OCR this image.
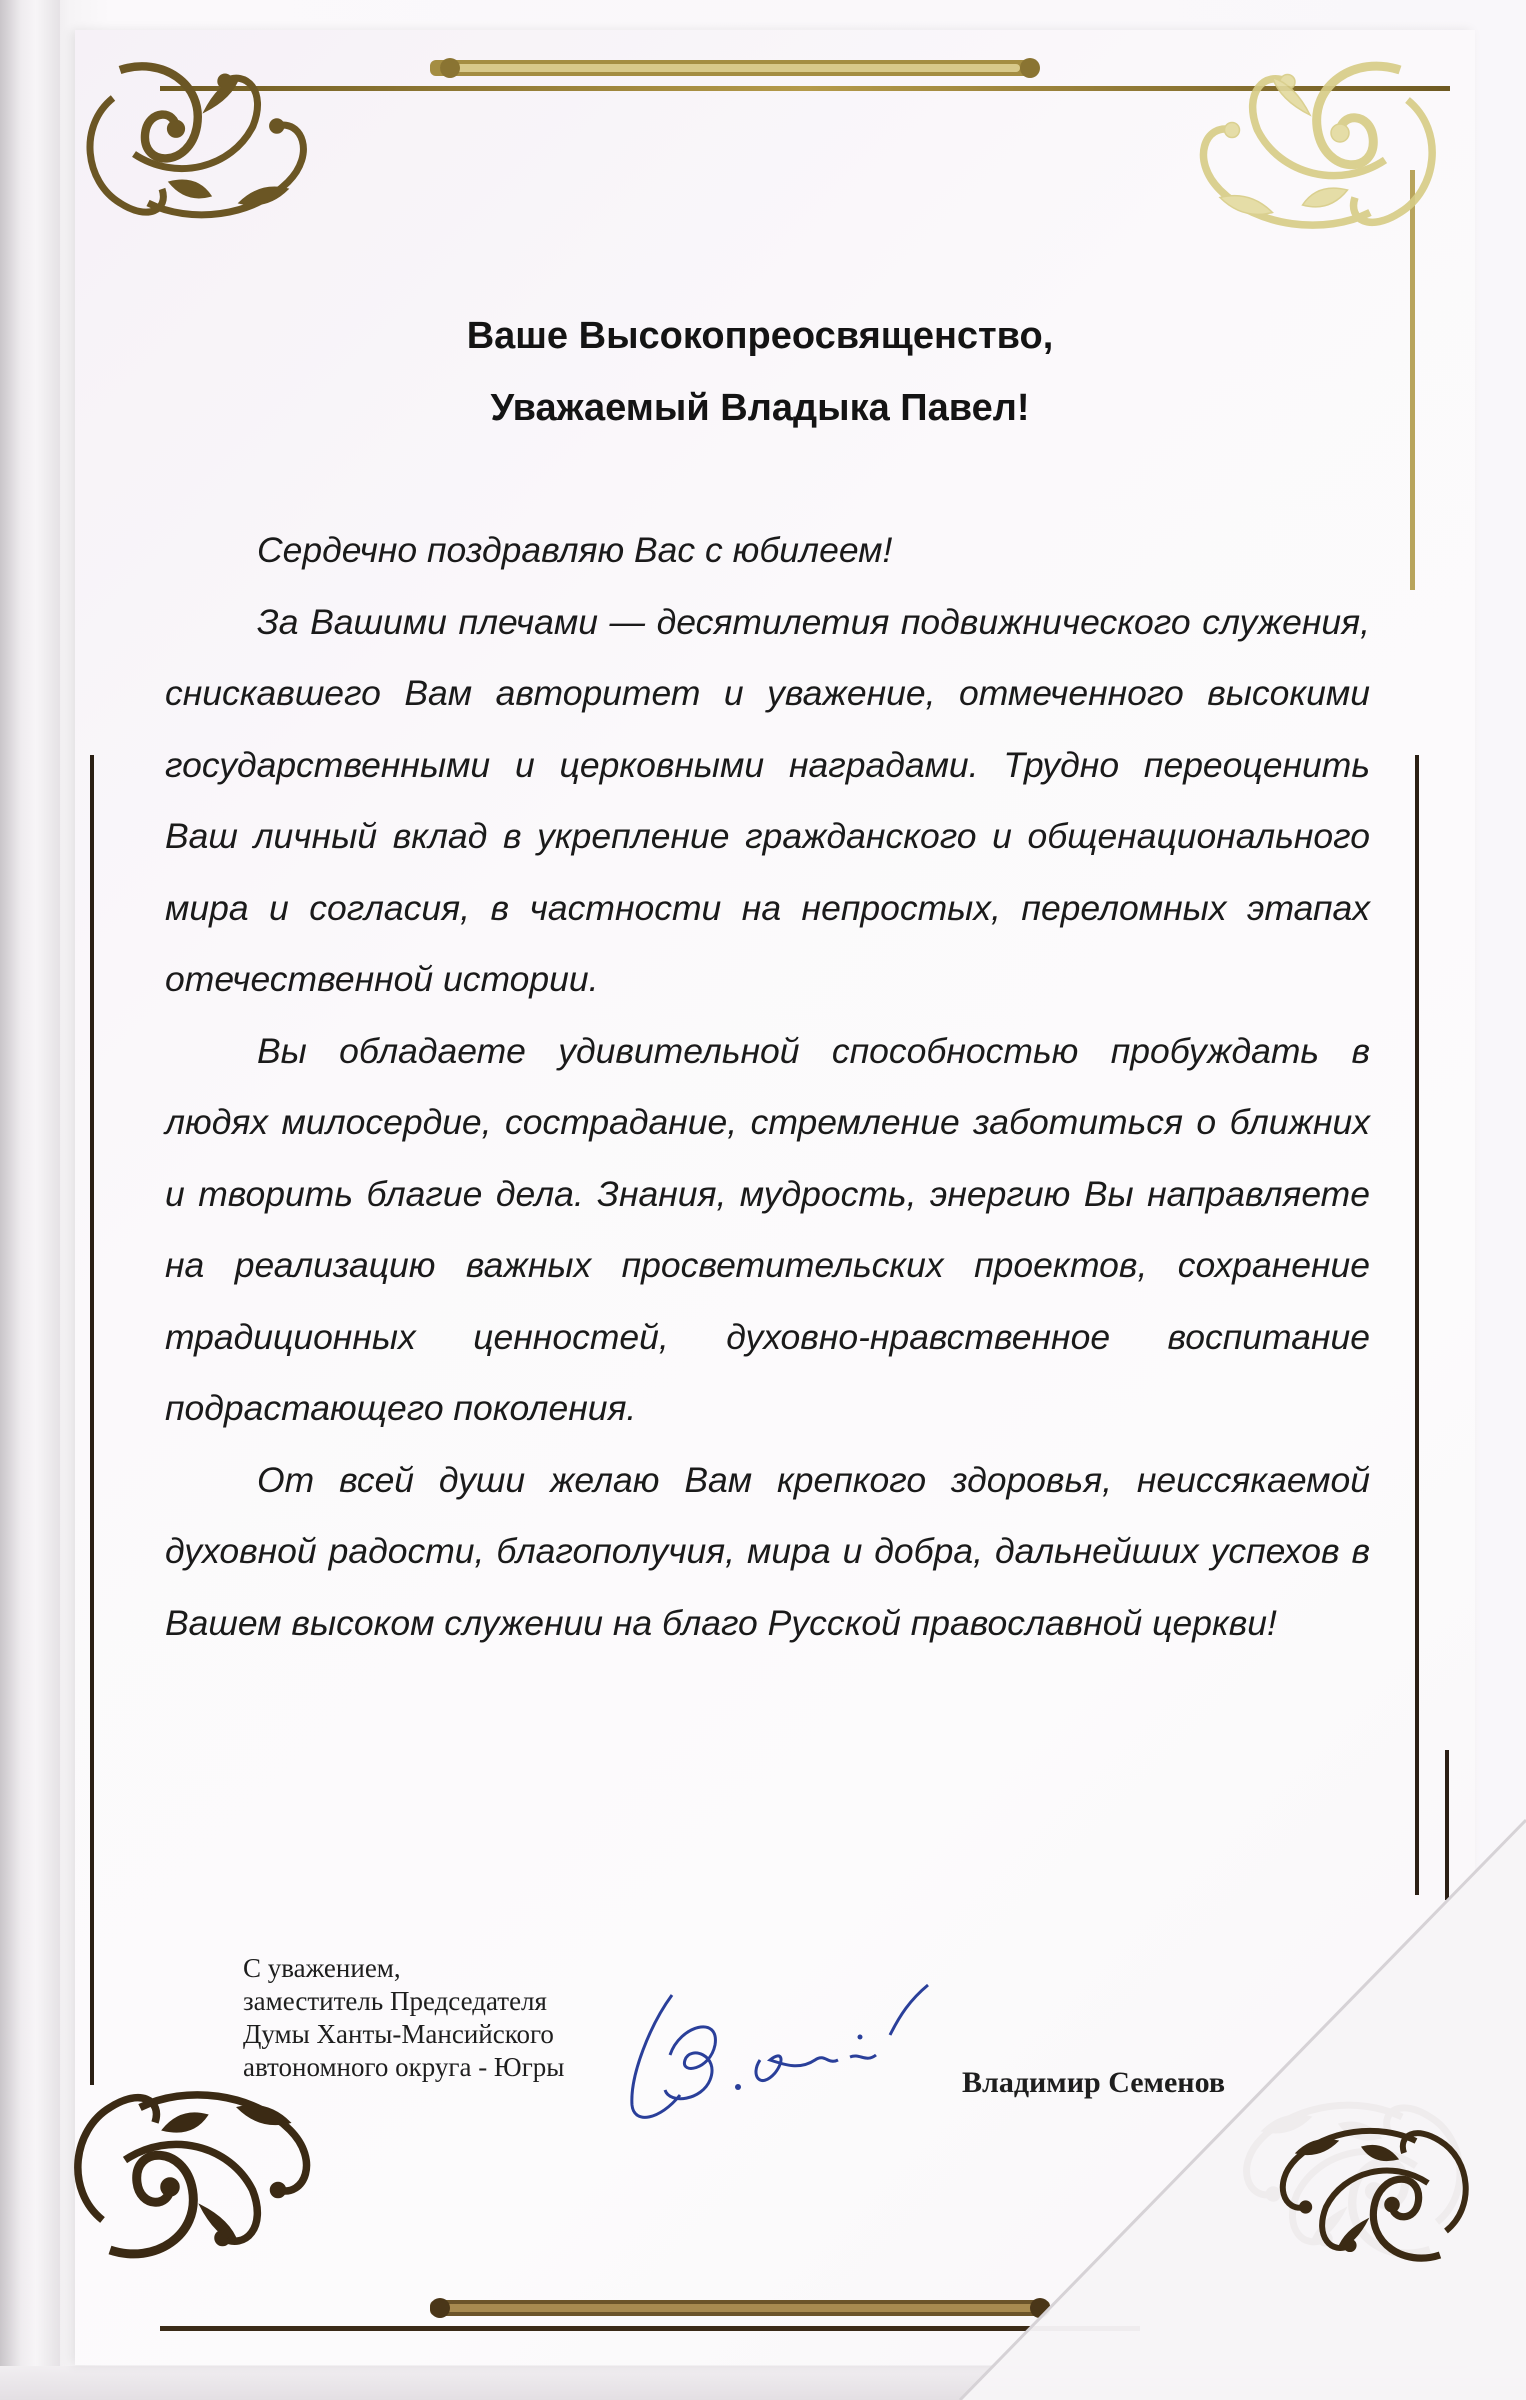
Ваше Высокопреосвященство,
Уважаемый Владыка Павел!

Сердечно поздравляю Вас с юбилеем!

За Вашими плечами — десятилетия подвижнического служения, снискавшего Вам авторитет и уважение, отмеченного высокими государственными и церковными наградами. Трудно переоценить Ваш личный вклад в укрепление гражданского и общенационального мира и согласия, в частности на непростых, переломных этапах отечественной истории.

Вы обладаете удивительной способностью пробуждать в людях милосердие, сострадание, стремление заботиться о ближних и творить благие дела. Знания, мудрость, энергию Вы направляете на реализацию важных просветительских проектов, сохранение традиционных ценностей, духовно-нравственное воспитание подрастающего поколения.

От всей души желаю Вам крепкого здоровья, неиссякаемой духовной радости, благополучия, мира и добра, дальнейших успехов в Вашем высоком служении на благо Русской православной церкви!

С уважением,
заместитель Председателя
Думы Ханты-Мансийского
автономного округа - Югры	Владимир Семенов
